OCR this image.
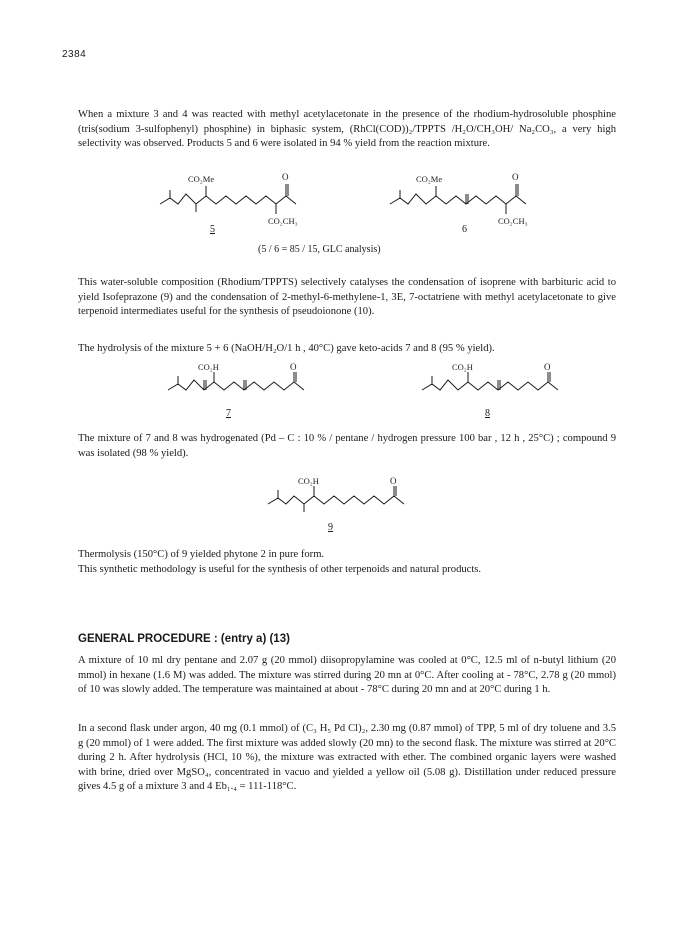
2384

When a mixture 3 and 4 was reacted with methyl acetylacetonate in the presence of the rhodium-hydrosoluble phosphine (tris(sodium 3-sulfophenyl) phosphine) in biphasic system, (RhCl(COD))₂/TPPTS /H₂O/CH₃OH/ Na₂CO₃, a very high selectivity was observed. Products 5 and 6 were isolated in 94 % yield from the reaction mixture.

CO₂Me	O
CO₂CH₃
5
CO₂Me	O
CO₂CH₃
6
(5 / 6 = 85 / 15, GLC analysis)

This water-soluble composition (Rhodium/TPPTS) selectively catalyses the condensation of isoprene with barbituric acid to yield Isofeprazone (9) and the condensation of 2-methyl-6-methylene-1, 3E, 7-octatriene with methyl acetylacetonate to give terpenoid intermediates useful for the synthesis of pseudoionone (10).

The hydrolysis of the mixture 5 + 6 (NaOH/H₂O/1 h , 40°C) gave keto-acids 7 and 8 (95 % yield).

CO₂H	O
7
CO₂H	O
8

The mixture of 7 and 8 was hydrogenated (Pd – C : 10 % / pentane / hydrogen pressure 100 bar , 12 h , 25°C) ; compound 9 was isolated (98 % yield).

CO₂H	O
9

Thermolysis (150°C) of 9 yielded phytone 2 in pure form.

This synthetic methodology is useful for the synthesis of other terpenoids and natural products.

GENERAL PROCEDURE : (entry a) (13)

A mixture of 10 ml dry pentane and 2.07 g (20 mmol) diisopropylamine was cooled at 0°C, 12.5 ml of n-butyl lithium (20 mmol) in hexane (1.6 M) was added. The mixture was stirred during 20 mn at 0°C. After cooling at - 78°C, 2.78 g (20 mmol) of 10 was slowly added. The temperature was maintained at about - 78°C during 20 mn and at 20°C during 1 h.

In a second flask under argon, 40 mg (0.1 mmol) of (C₃ H₅ Pd Cl)₂, 2.30 mg (0.87 mmol) of TPP, 5 ml of dry toluene and 3.5 g (20 mmol) of 1 were added. The first mixture was added slowly (20 mn) to the second flask. The mixture was stirred at 20°C during 2 h. After hydrolysis (HCl, 10 %), the mixture was extracted with ether. The combined organic layers were washed with brine, dried over MgSO₄, concentrated in vacuo and yielded a yellow oil (5.08 g). Distillation under reduced pressure gives 4.5 g of a mixture 3 and 4 Eb₁.₄ = 111-118°C.
